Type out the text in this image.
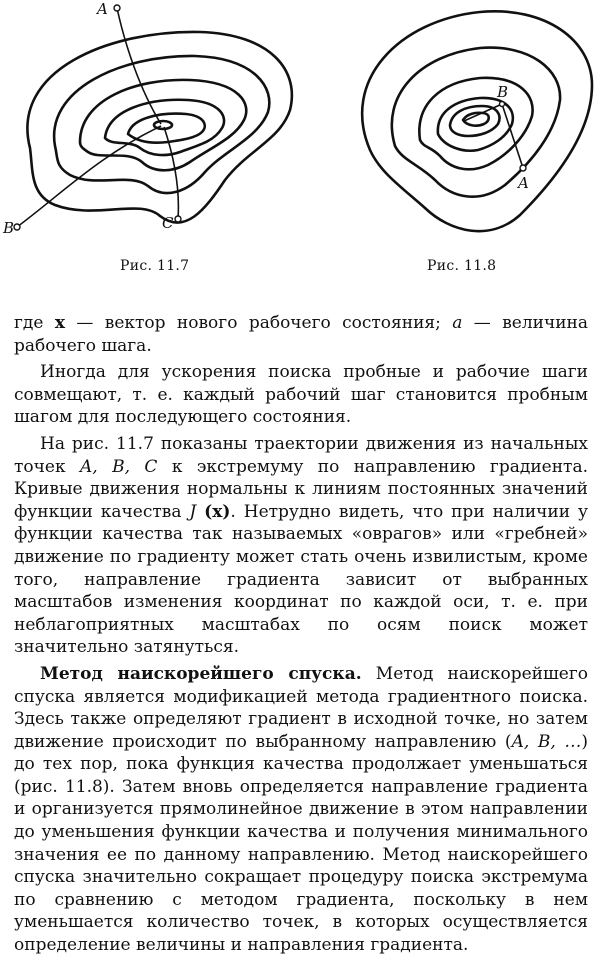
A
B	C
A
B
Рис. 11.7	Рис. 11.8

где x — вектор нового рабочего состояния; a — величина рабочего шага.

Иногда для ускорения поиска пробные и рабочие шаги совмещают, т. е. каждый рабочий шаг становится пробным шагом для последующего состояния.

На рис. 11.7 показаны траектории движения из начальных точек A, B, C к экстремуму по направлению градиента. Кривые движения нормальны к линиям постоянных значений функции качества J (x). Нетрудно видеть, что при наличии у функции качества так называемых «оврагов» или «гребней» движение по градиенту может стать очень извилистым, кроме того, направление градиента зависит от выбранных масштабов изменения координат по каждой оси, т. е. при неблагоприятных масштабах по осям поиск может значительно затянуться.

Метод наискорейшего спуска. Метод наискорейшего спуска является модификацией метода градиентного поиска. Здесь также определяют градиент в исходной точке, но затем движение происходит по выбранному направлению (A, B, …) до тех пор, пока функция качества продолжает уменьшаться (рис. 11.8). Затем вновь определяется направление градиента и организуется прямолинейное движение в этом направлении до уменьшения функции качества и получения минимального значения ее по данному направлению. Метод наискорейшего спуска значительно сокращает процедуру поиска экстремума по сравнению с методом градиента, поскольку в нем уменьшается количество точек, в которых осуществляется определение величины и направления градиента.
